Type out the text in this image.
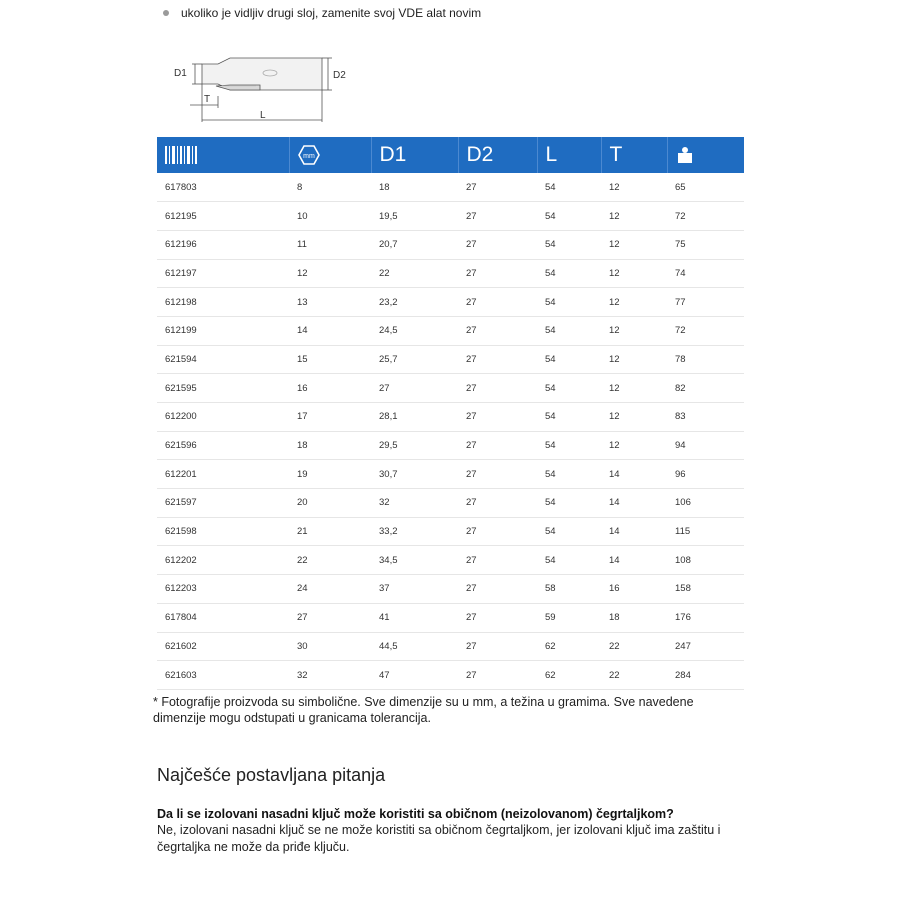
ukoliko je vidljiv drugi sloj, zamenite svoj VDE alat novim
D1	D2
T
L

mm	D1	D2	L	T	
617803	8	18	27	54	12	65
612195	10	19,5	27	54	12	72
612196	11	20,7	27	54	12	75
612197	12	22	27	54	12	74
612198	13	23,2	27	54	12	77
612199	14	24,5	27	54	12	72
621594	15	25,7	27	54	12	78
621595	16	27	27	54	12	82
612200	17	28,1	27	54	12	83
621596	18	29,5	27	54	12	94
612201	19	30,7	27	54	14	96
621597	20	32	27	54	14	106
621598	21	33,2	27	54	14	115
612202	22	34,5	27	54	14	108
612203	24	37	27	58	16	158
617804	27	41	27	59	18	176
621602	30	44,5	27	62	22	247
621603	32	47	27	62	22	284
* Fotografije proizvoda su simbolične. Sve dimenzije su u mm, a težina u gramima. Sve navedene dimenzije mogu odstupati u granicama tolerancija.
Najčešće postavljana pitanja
Da li se izolovani nasadni ključ može koristiti sa običnom (neizolovanom) čegrtaljkom?
Ne, izolovani nasadni ključ se ne može koristiti sa običnom čegrtaljkom, jer izolovani ključ ima zaštitu i čegrtaljka ne može da priđe ključu.
